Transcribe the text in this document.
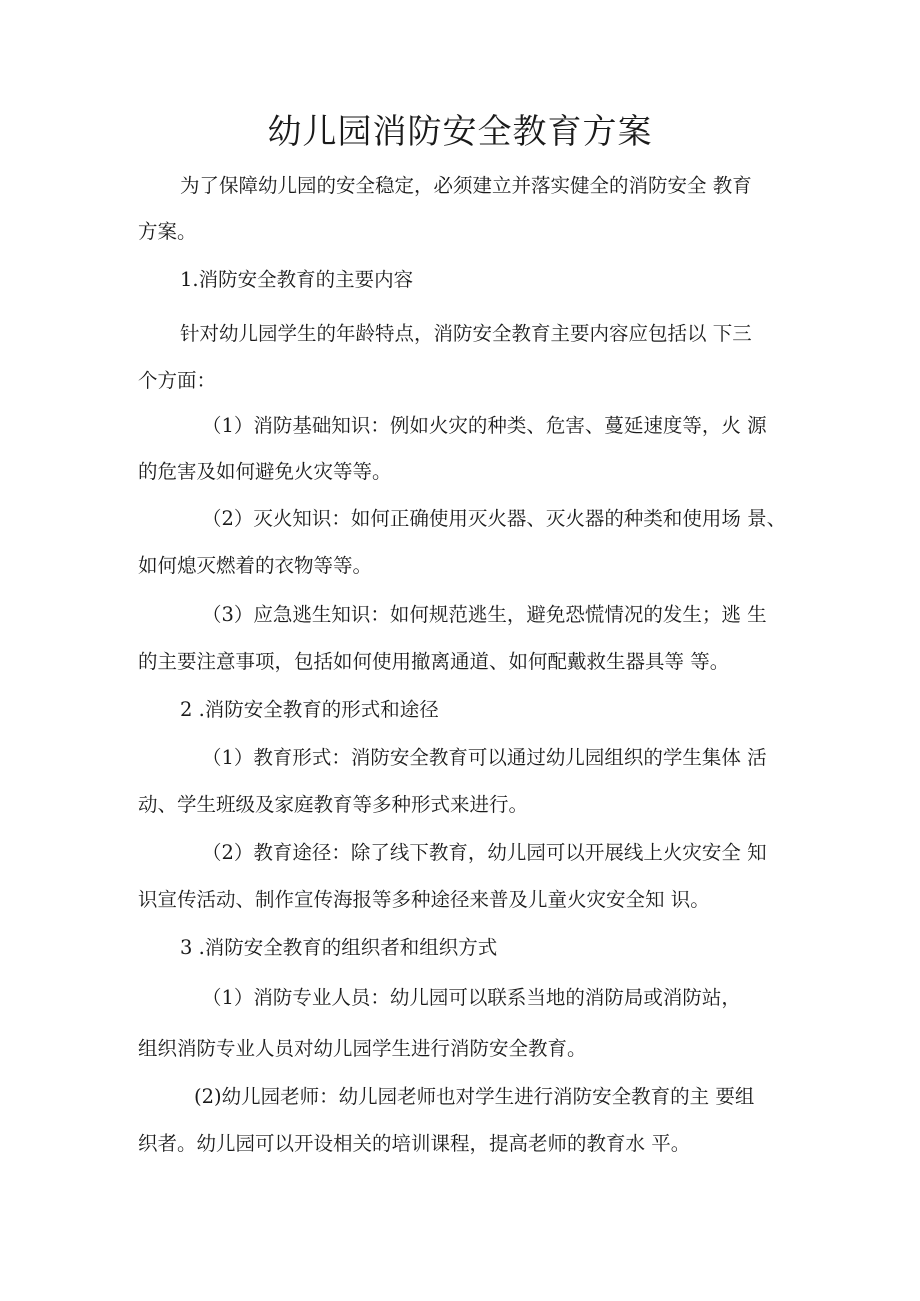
幼儿园消防安全教育方案
为了保障幼儿园的安全稳定，必须建立并落实健全的消防安全 教育
方案。
1.消防安全教育的主要内容
针对幼儿园学生的年龄特点，消防安全教育主要内容应包括以 下三
个方面：
（1）消防基础知识：例如火灾的种类、危害、蔓延速度等，火 源
的危害及如何避免火灾等等。
（2）灭火知识：如何正确使用灭火器、灭火器的种类和使用场 景、
如何熄灭燃着的衣物等等。
（3）应急逃生知识：如何规范逃生，避免恐慌情况的发生；逃 生
的主要注意事项，包括如何使用撤离通道、如何配戴救生器具等 等。
2 .消防安全教育的形式和途径
（1）教育形式：消防安全教育可以通过幼儿园组织的学生集体 活
动、学生班级及家庭教育等多种形式来进行。
（2）教育途径：除了线下教育，幼儿园可以开展线上火灾安全 知
识宣传活动、制作宣传海报等多种途径来普及儿童火灾安全知 识。
3 .消防安全教育的组织者和组织方式
（1）消防专业人员：幼儿园可以联系当地的消防局或消防站，
组织消防专业人员对幼儿园学生进行消防安全教育。
(2)幼儿园老师：幼儿园老师也对学生进行消防安全教育的主 要组
织者。幼儿园可以开设相关的培训课程，提高老师的教育水 平。
